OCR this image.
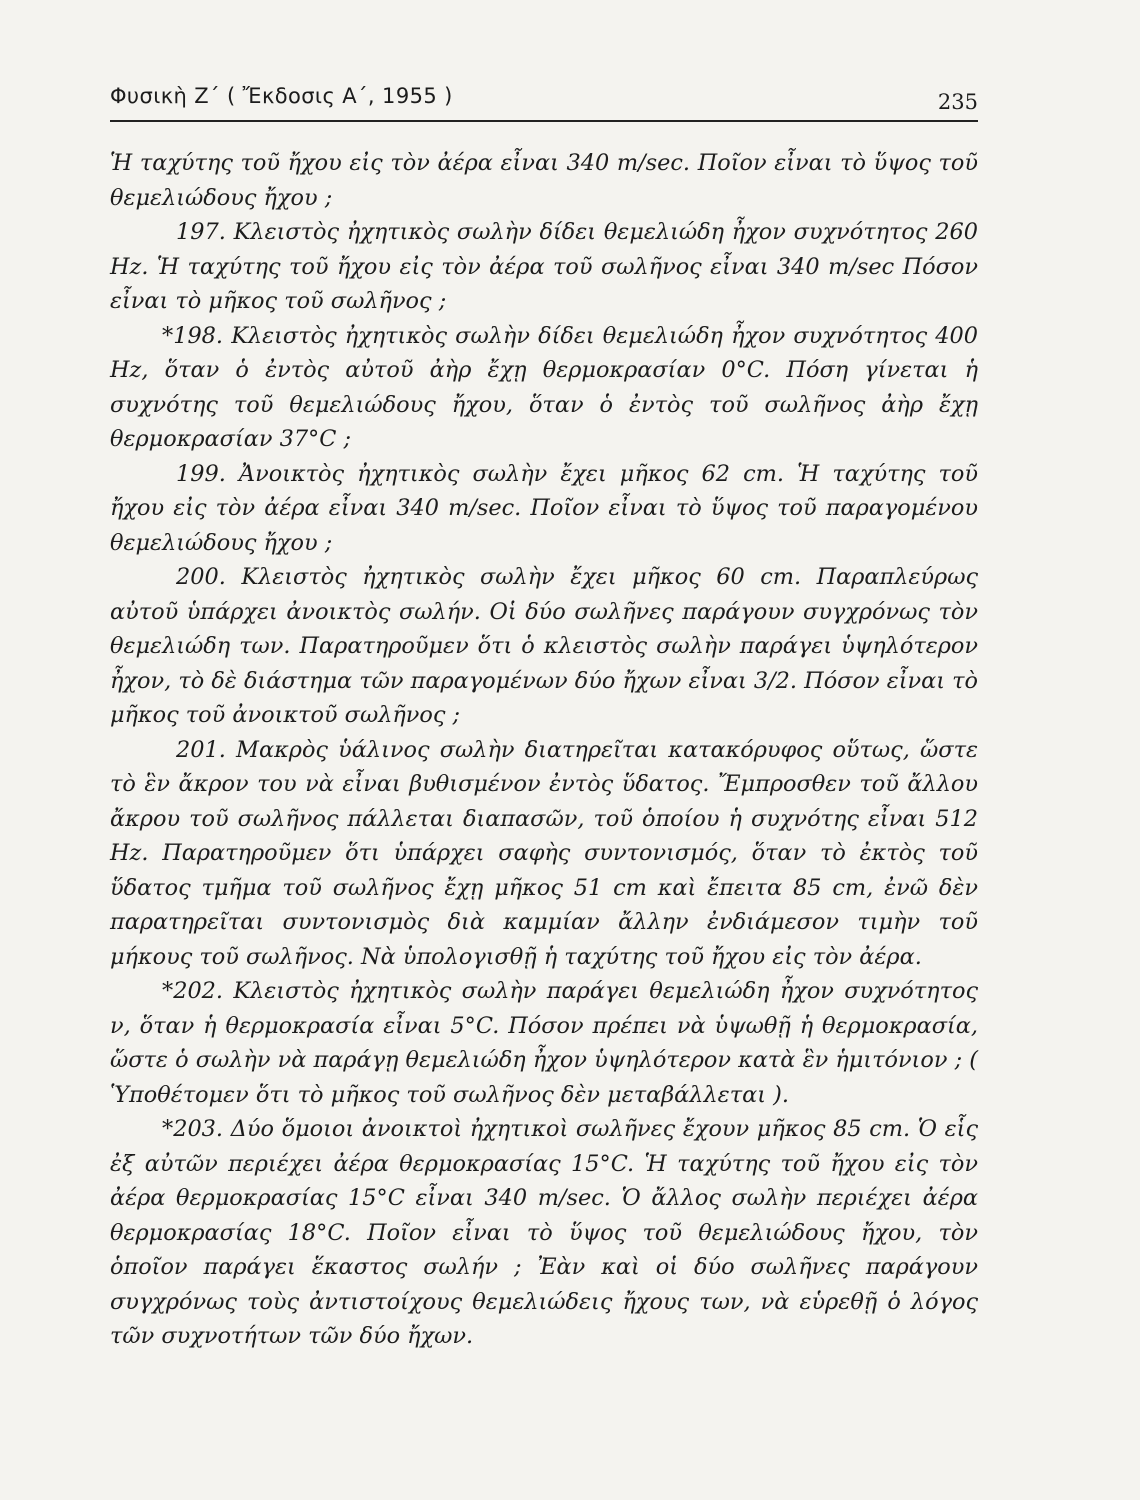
Φυσικὴ Ζ΄ ( Ἔκδοσις Α΄, 1955 )	235

Ἡ ταχύτης τοῦ ἤχου εἰς τὸν ἀέρα εἶναι 340 m/sec. Ποῖον εἶναι τὸ ὕψος τοῦ θεμελιώδους ἤχου ;

197. Κλειστὸς ἠχητικὸς σωλὴν δίδει θεμελιώδη ἦχον συχνότητος 260 Hz. Ἡ ταχύτης τοῦ ἤχου εἰς τὸν ἀέρα τοῦ σωλῆνος εἶναι 340 m/sec Πόσον εἶναι τὸ μῆκος τοῦ σωλῆνος ;

*198. Κλειστὸς ἠχητικὸς σωλὴν δίδει θεμελιώδη ἦχον συχνότητος 400 Hz, ὅταν ὁ ἐντὸς αὐτοῦ ἀὴρ ἔχῃ θερμοκρασίαν 0°C. Πόση γίνεται ἡ συχνότης τοῦ θεμελιώδους ἤχου, ὅταν ὁ ἐντὸς τοῦ σωλῆνος ἀὴρ ἔχῃ θερμοκρασίαν 37°C ;

199. Ἀνοικτὸς ἠχητικὸς σωλὴν ἔχει μῆκος 62 cm. Ἡ ταχύτης τοῦ ἤχου εἰς τὸν ἀέρα εἶναι 340 m/sec. Ποῖον εἶναι τὸ ὕψος τοῦ παραγομένου θεμελιώδους ἤχου ;

200. Κλειστὸς ἠχητικὸς σωλὴν ἔχει μῆκος 60 cm. Παραπλεύρως αὐτοῦ ὑπάρχει ἀνοικτὸς σωλήν. Οἱ δύο σωλῆνες παράγουν συγχρόνως τὸν θεμελιώδη των. Παρατηροῦμεν ὅτι ὁ κλειστὸς σωλὴν παράγει ὑψηλότερον ἦχον, τὸ δὲ διάστημα τῶν παραγομένων δύο ἤχων εἶναι 3/2. Πόσον εἶναι τὸ μῆκος τοῦ ἀνοικτοῦ σωλῆνος ;

201. Μακρὸς ὑάλινος σωλὴν διατηρεῖται κατακόρυφος οὕτως, ὥστε τὸ ἓν ἄκρον του νὰ εἶναι βυθισμένον ἐντὸς ὕδατος. Ἔμπροσθεν τοῦ ἄλλου ἄκρου τοῦ σωλῆνος πάλλεται διαπασῶν, τοῦ ὁποίου ἡ συχνότης εἶναι 512 Hz. Παρατηροῦμεν ὅτι ὑπάρχει σαφὴς συντονισμός, ὅταν τὸ ἐκτὸς τοῦ ὕδατος τμῆμα τοῦ σωλῆνος ἔχῃ μῆκος 51 cm καὶ ἔπειτα 85 cm, ἐνῶ δὲν παρατηρεῖται συντονισμὸς διὰ καμμίαν ἄλλην ἐνδιάμεσον τιμὴν τοῦ μήκους τοῦ σωλῆνος. Νὰ ὑπολογισθῇ ἡ ταχύτης τοῦ ἤχου εἰς τὸν ἀέρα.

*202. Κλειστὸς ἠχητικὸς σωλὴν παράγει θεμελιώδη ἦχον συχνότητος ν, ὅταν ἡ θερμοκρασία εἶναι 5°C. Πόσον πρέπει νὰ ὑψωθῇ ἡ θερμοκρασία, ὥστε ὁ σωλὴν νὰ παράγῃ θεμελιώδη ἦχον ὑψηλότερον κατὰ ἓν ἡμιτόνιον ; ( Ὑποθέτομεν ὅτι τὸ μῆκος τοῦ σωλῆνος δὲν μεταβάλλεται ).

*203. Δύο ὅμοιοι ἀνοικτοὶ ἠχητικοὶ σωλῆνες ἔχουν μῆκος 85 cm. Ὁ εἷς ἐξ αὐτῶν περιέχει ἀέρα θερμοκρασίας 15°C. Ἡ ταχύτης τοῦ ἤχου εἰς τὸν ἀέρα θερμοκρασίας 15°C εἶναι 340 m/sec. Ὁ ἄλλος σωλὴν περιέχει ἀέρα θερμοκρασίας 18°C. Ποῖον εἶναι τὸ ὕψος τοῦ θεμελιώδους ἤχου, τὸν ὁποῖον παράγει ἕκαστος σωλήν ; Ἐὰν καὶ οἱ δύο σωλῆνες παράγουν συγχρόνως τοὺς ἀντιστοίχους θεμελιώδεις ἤχους των, νὰ εὑρεθῇ ὁ λόγος τῶν συχνοτήτων τῶν δύο ἤχων.
